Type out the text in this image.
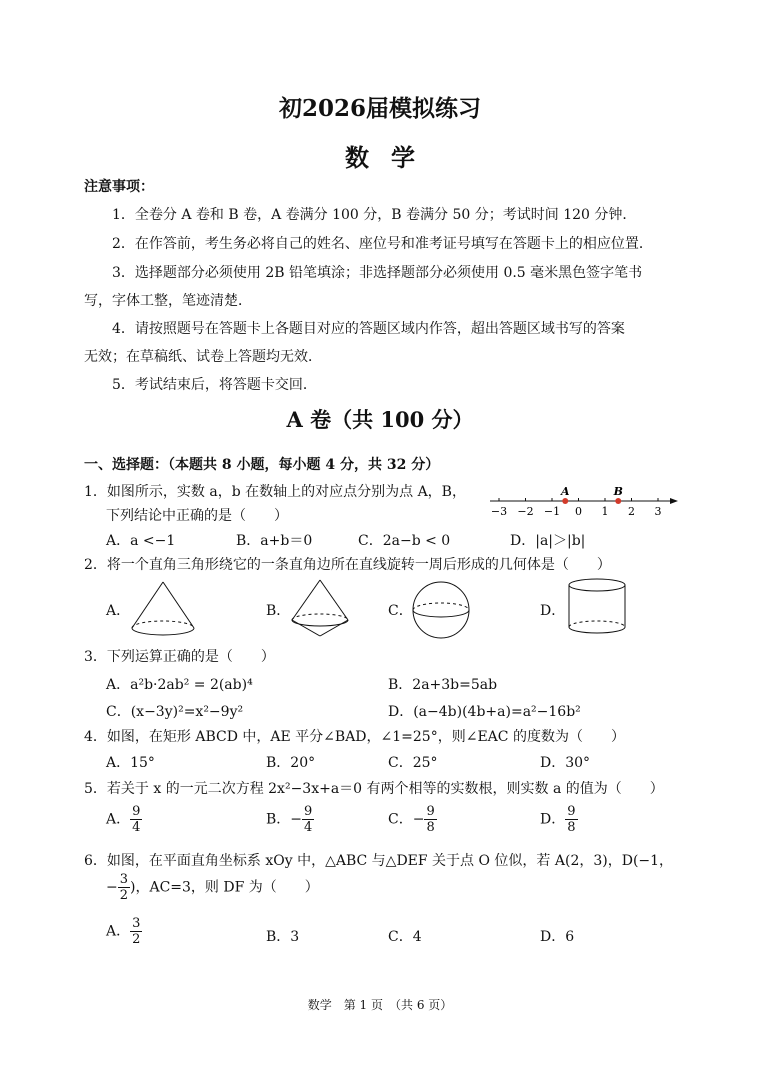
初2026届模拟练习
数学
注意事项：
1．全卷分 A 卷和 B 卷，A 卷满分 100 分，B 卷满分 50 分；考试时间 120 分钟．
2．在作答前，考生务必将自己的姓名、座位号和准考证号填写在答题卡上的相应位置．
3．选择题部分必须使用 2B 铅笔填涂；非选择题部分必须使用 0.5 毫米黑色签字笔书
写，字体工整，笔迹清楚．
4．请按照题号在答题卡上各题目对应的答题区域内作答，超出答题区域书写的答案
无效；在草稿纸、试卷上答题均无效．
5．考试结束后，将答题卡交回．
A 卷（共 100 分）
一、选择题：（本题共 8 小题，每小题 4 分，共 32 分）
1．如图所示，实数 a，b 在数轴上的对应点分别为点 A，B，
下列结论中正确的是（　　）	−3 −2 −1 0 1 2 3
A	B
A．a <−1	B．a+b＝0	C．2a−b < 0	D．|a|＞|b|
2．将一个直角三角形绕它的一条直角边所在直线旋转一周后形成的几何体是（　　）
A．	B．	C．	D．
3．下列运算正确的是（　　）
A．a²b·2ab² = 2(ab)⁴	B．2a+3b=5ab
C．(x−3y)²=x²−9y²	D．(a−4b)(4b+a)=a²−16b²
4．如图，在矩形 ABCD 中，AE 平分∠BAD，∠1=25°，则∠EAC 的度数为（　　）
A．15°	B．20°	C．25°	D．30°
5．若关于 x 的一元二次方程 2x²−3x+a＝0 有两个相等的实数根，则实数 a 的值为（　　）
A． $\frac{9}{4}$	B．− $\frac{9}{4}$	C．− $\frac{9}{8}$	D． $\frac{9}{8}$
6．如图，在平面直角坐标系 xOy 中，△ABC 与△DEF 关于点 O 位似，若 A(2，3)，D(−1，
− $\frac{3}{2}$ )，AC=3，则 DF 为（　　）
A． $\frac{3}{2}$	B．3	C．4	D．6
数学　第 1 页　（共 6 页）
